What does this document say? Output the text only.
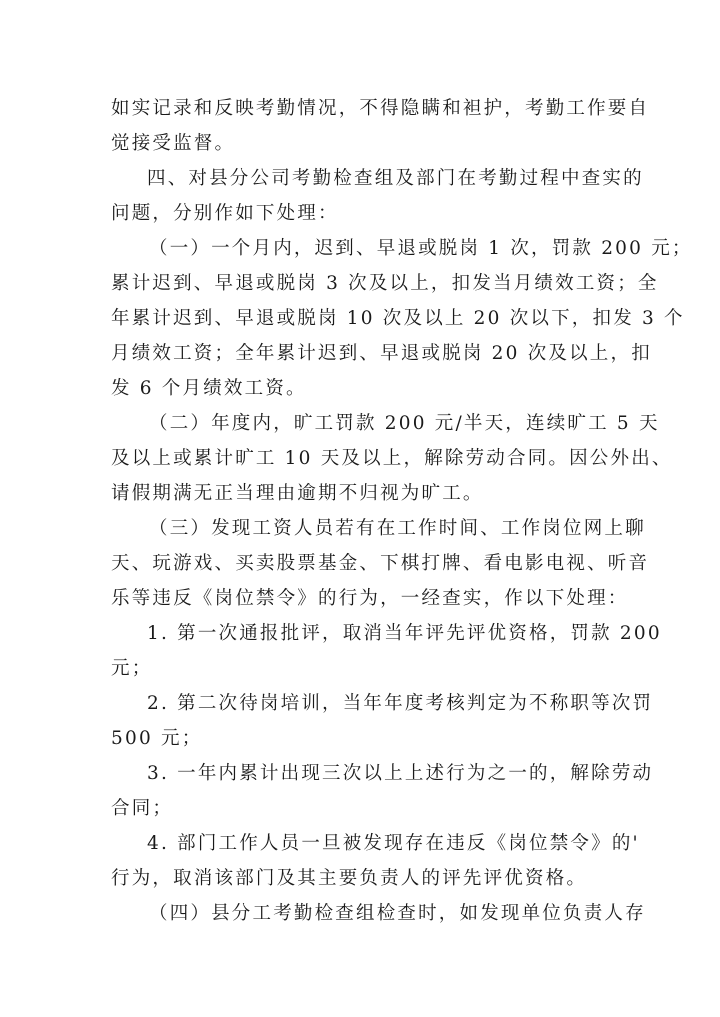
如实记录和反映考勤情况，不得隐瞒和袒护，考勤工作要自
觉接受监督。
四、对县分公司考勤检查组及部门在考勤过程中查实的
问题，分别作如下处理：
（一）一个月内，迟到、早退或脱岗 1 次，罚款 200 元；
累计迟到、早退或脱岗 3 次及以上，扣发当月绩效工资；全
年累计迟到、早退或脱岗 10 次及以上 20 次以下，扣发 3 个
月绩效工资；全年累计迟到、早退或脱岗 20 次及以上，扣
发 6 个月绩效工资。
（二）年度内，旷工罚款 200 元/半天，连续旷工 5 天
及以上或累计旷工 10 天及以上，解除劳动合同。因公外出、
请假期满无正当理由逾期不归视为旷工。
（三）发现工资人员若有在工作时间、工作岗位网上聊
天、玩游戏、买卖股票基金、下棋打牌、看电影电视、听音
乐等违反《岗位禁令》的行为，一经查实，作以下处理：
1. 第一次通报批评，取消当年评先评优资格，罚款 200
元；
2. 第二次待岗培训，当年年度考核判定为不称职等次罚
500 元；
3. 一年内累计出现三次以上上述行为之一的，解除劳动
合同；
4. 部门工作人员一旦被发现存在违反《岗位禁令》的'
行为，取消该部门及其主要负责人的评先评优资格。
（四）县分工考勤检查组检查时，如发现单位负责人存
